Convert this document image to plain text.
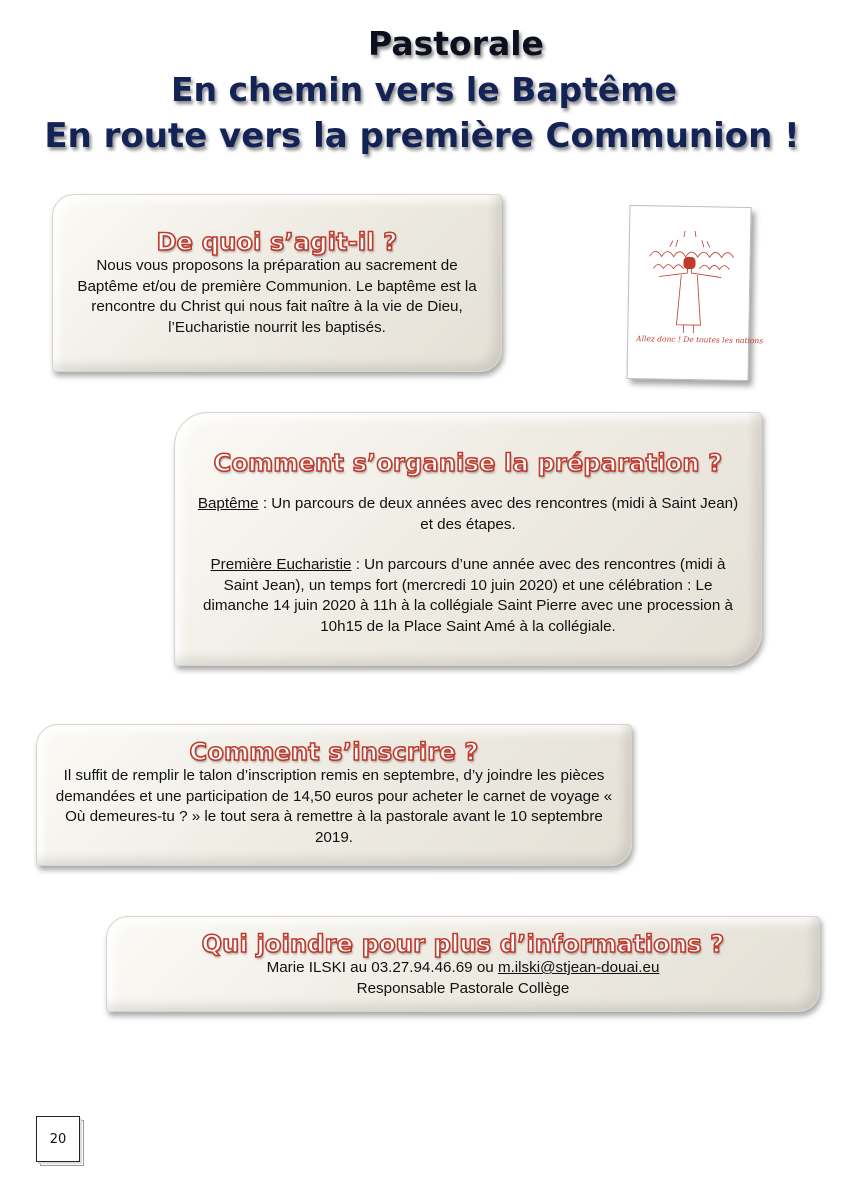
Pastorale
En chemin vers le Baptême
En route vers la première Communion !
De quoi s’agit-il ?

Nous vous proposons la préparation au sacrement de Baptême et/ou de première Communion. Le baptême est la rencontre du Christ qui nous fait naître à la vie de Dieu, l’Eucharistie nourrit les baptisés.

Allez donc ! De toutes les nations
Comment s’organise la préparation ?

Baptême : Un parcours de deux années avec des rencontres (midi à Saint Jean) et des étapes.

Première Eucharistie : Un parcours d’une année avec des rencontres (midi à Saint Jean), un temps fort (mercredi 10 juin 2020) et une célébration : Le dimanche 14 juin 2020 à 11h à la collégiale Saint Pierre avec une procession à 10h15 de la Place Saint Amé à la collégiale.

Comment s’inscrire ?

Il suffit de remplir le talon d’inscription remis en septembre, d’y joindre les pièces demandées et une participation de 14,50 euros pour acheter le carnet de voyage « Où demeures-tu ? » le tout sera à remettre à la pastorale avant le 10 septembre 2019.

Qui joindre pour plus d’informations ?

Marie ILSKI au 03.27.94.46.69 ou m.ilski@stjean-douai.eu

Responsable Pastorale Collège

20
